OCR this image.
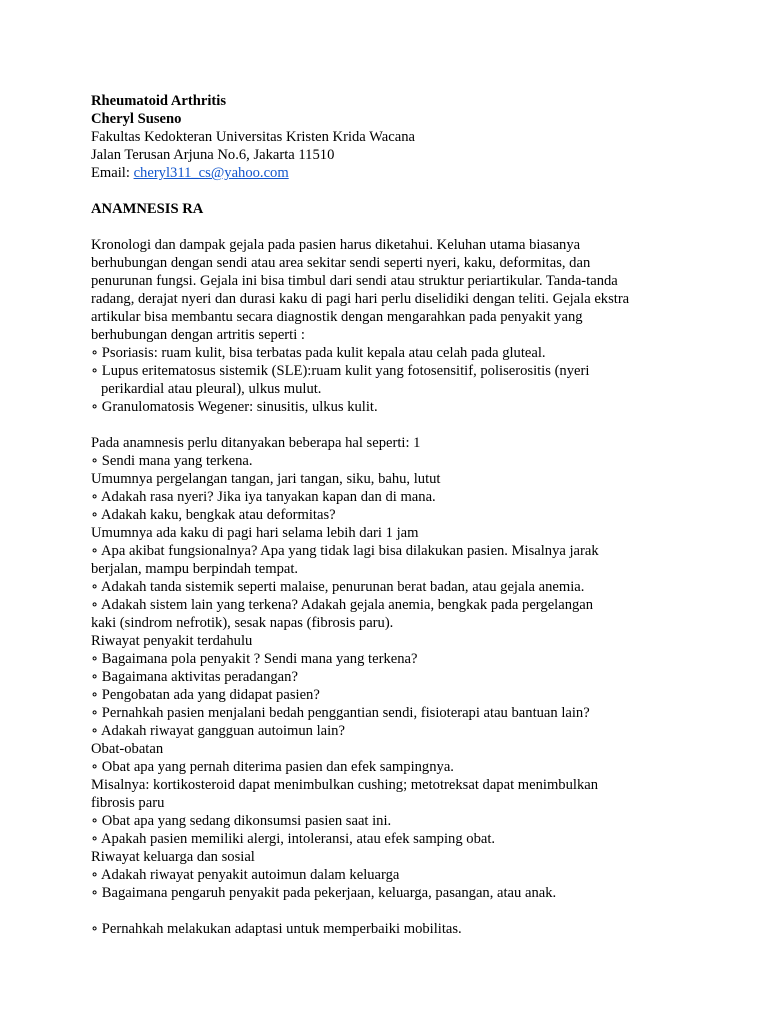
Rheumatoid Arthritis
Cheryl Suseno
Fakultas Kedokteran Universitas Kristen Krida Wacana
Jalan Terusan Arjuna No.6, Jakarta 11510
Email: cheryl311_cs@yahoo.com
ANAMNESIS RA
Kronologi dan dampak gejala pada pasien harus diketahui. Keluhan utama biasanya
berhubungan dengan sendi atau area sekitar sendi seperti nyeri, kaku, deformitas, dan
penurunan fungsi. Gejala ini bisa timbul dari sendi atau struktur periartikular. Tanda-tanda
radang, derajat nyeri dan durasi kaku di pagi hari perlu diselidiki dengan teliti. Gejala ekstra
artikular bisa membantu secara diagnostik dengan mengarahkan pada penyakit yang
berhubungan dengan artritis seperti :
∘ Psoriasis: ruam kulit, bisa terbatas pada kulit kepala atau celah pada gluteal.
∘ Lupus eritematosus sistemik (SLE):ruam kulit yang fotosensitif, poliserositis (nyeri
perikardial atau pleural), ulkus mulut.
∘ Granulomatosis Wegener: sinusitis, ulkus kulit.
Pada anamnesis perlu ditanyakan beberapa hal seperti: 1
∘ Sendi mana yang terkena.
Umumnya pergelangan tangan, jari tangan, siku, bahu, lutut
∘ Adakah rasa nyeri? Jika iya tanyakan kapan dan di mana.
∘ Adakah kaku, bengkak atau deformitas?
Umumnya ada kaku di pagi hari selama lebih dari 1 jam
∘ Apa akibat fungsionalnya? Apa yang tidak lagi bisa dilakukan pasien. Misalnya jarak
berjalan, mampu berpindah tempat.
∘ Adakah tanda sistemik seperti malaise, penurunan berat badan, atau gejala anemia.
∘ Adakah sistem lain yang terkena? Adakah gejala anemia, bengkak pada pergelangan
kaki (sindrom nefrotik), sesak napas (fibrosis paru).
Riwayat penyakit terdahulu
∘ Bagaimana pola penyakit ? Sendi mana yang terkena?
∘ Bagaimana aktivitas peradangan?
∘ Pengobatan ada yang didapat pasien?
∘ Pernahkah pasien menjalani bedah penggantian sendi, fisioterapi atau bantuan lain?
∘ Adakah riwayat gangguan autoimun lain?
Obat-obatan
∘ Obat apa yang pernah diterima pasien dan efek sampingnya.
Misalnya: kortikosteroid dapat menimbulkan cushing; metotreksat dapat menimbulkan
fibrosis paru
∘ Obat apa yang sedang dikonsumsi pasien saat ini.
∘ Apakah pasien memiliki alergi, intoleransi, atau efek samping obat.
Riwayat keluarga dan sosial
∘ Adakah riwayat penyakit autoimun dalam keluarga
∘ Bagaimana pengaruh penyakit pada pekerjaan, keluarga, pasangan, atau anak.
∘ Pernahkah melakukan adaptasi untuk memperbaiki mobilitas.
